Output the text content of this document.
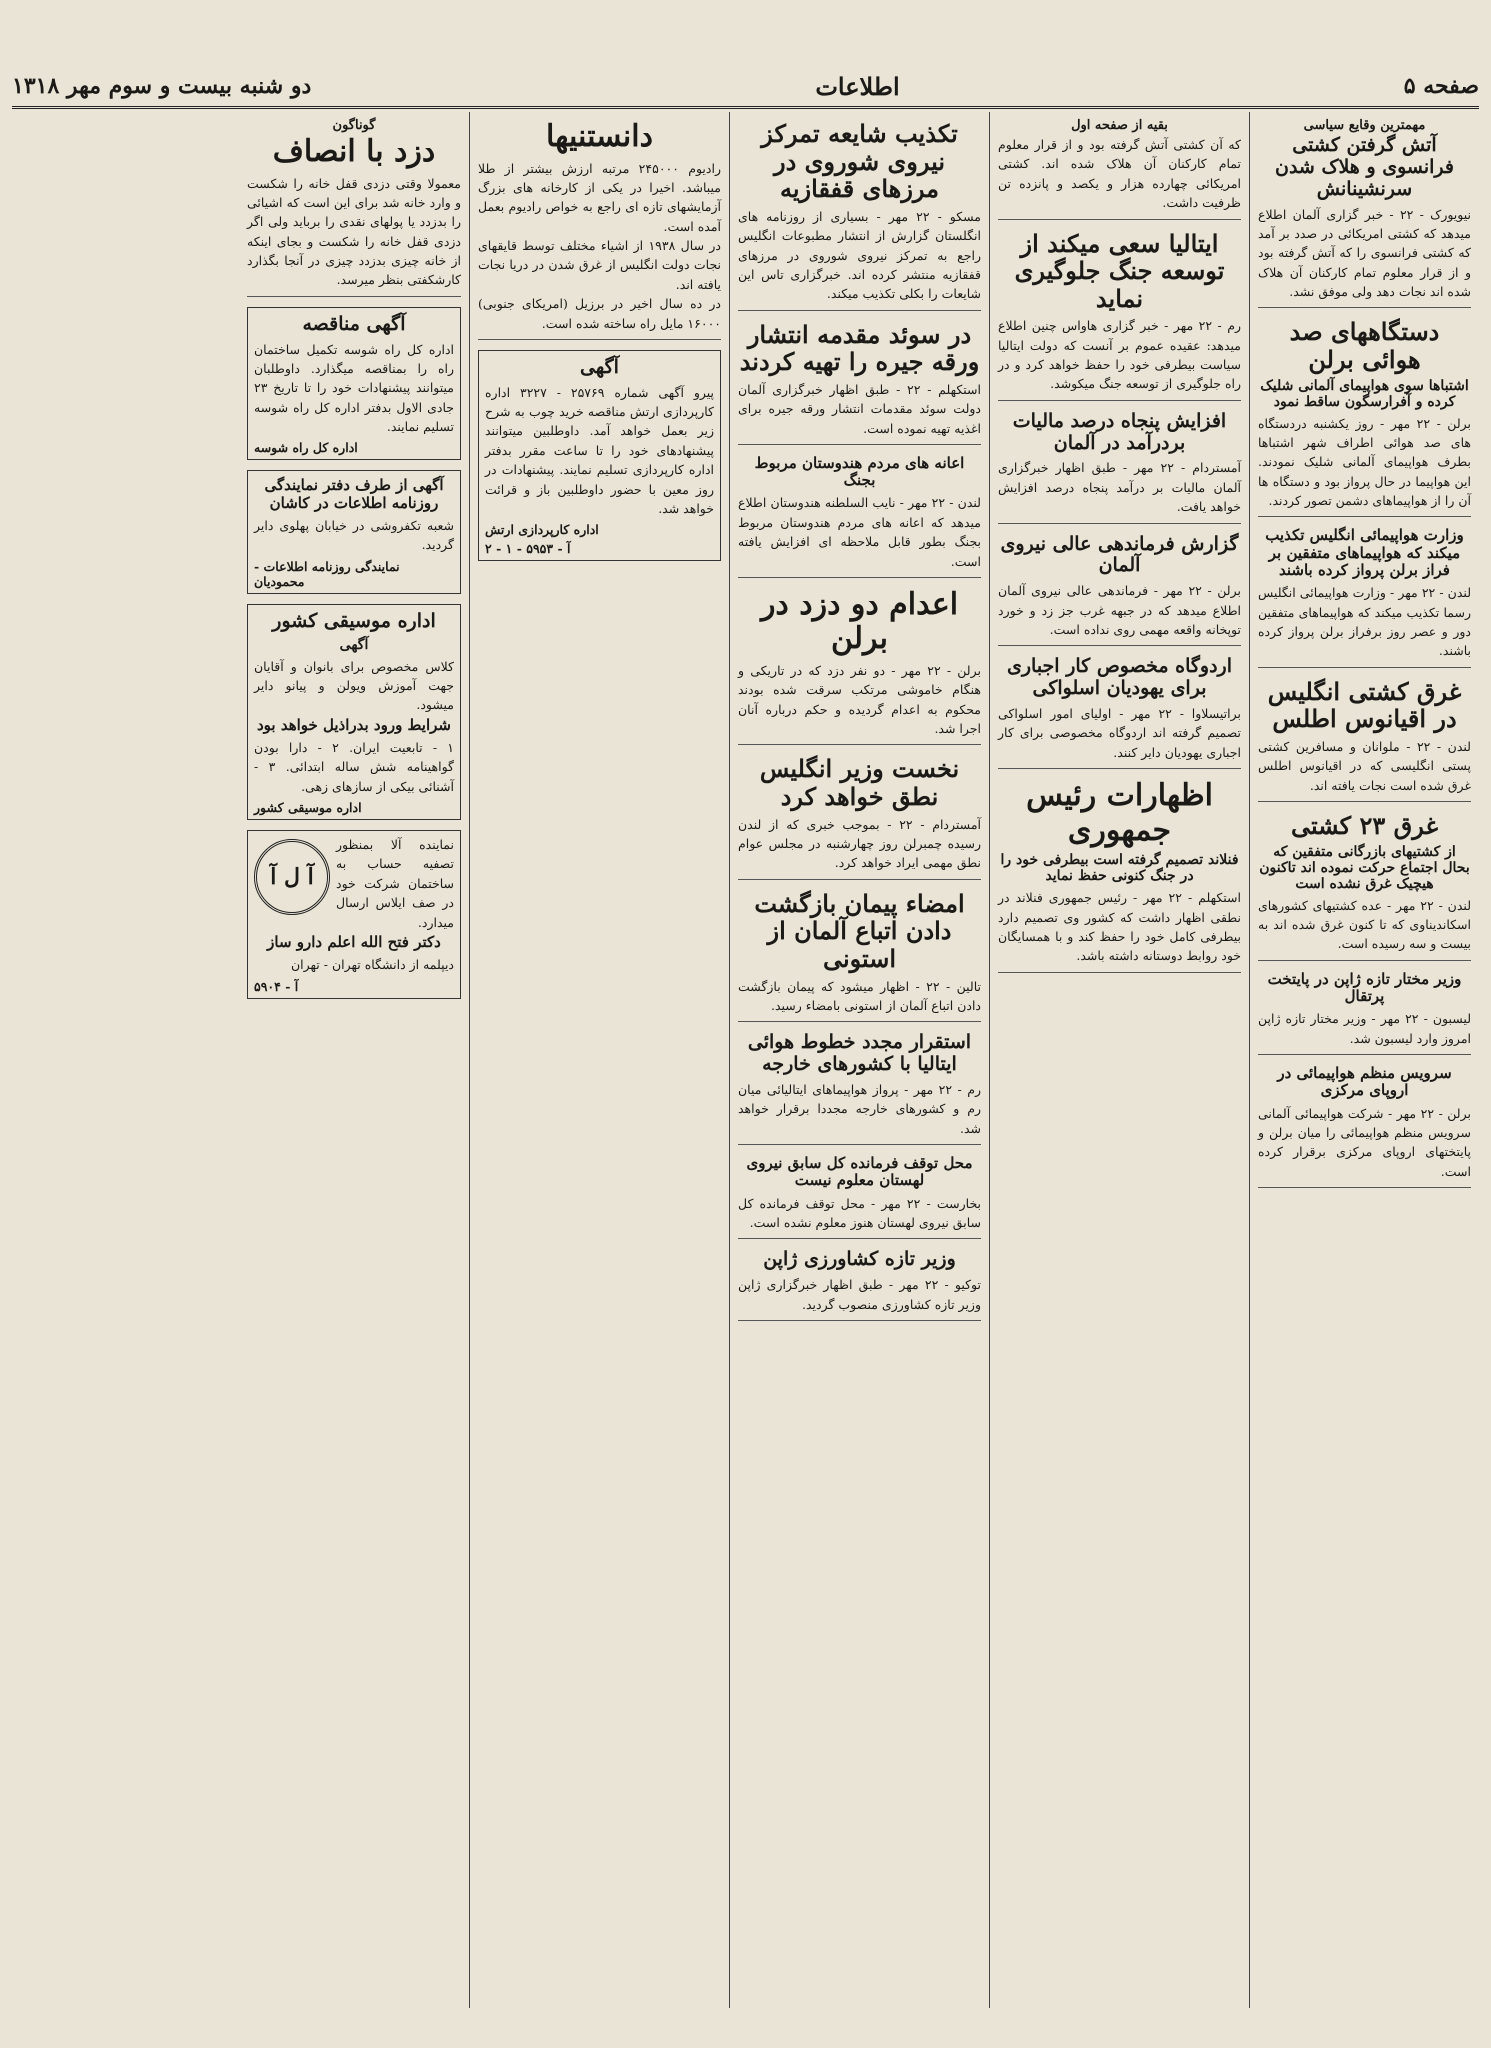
صفحه ۵
اطلاعات
دو شنبه بیست و سوم مهر ۱۳۱۸
مهمترین وقایع سیاسی
آتش گرفتن کشتی فرانسوی و هلاک شدن سرنشینانش

نیویورک - ۲۲ - خبر گزاری آلمان اطلاع میدهد که کشتی امریکائی در صدد بر آمد که کشتی فرانسوی را که آتش گرفته بود و از قرار معلوم تمام کارکنان آن هلاک شده اند نجات دهد ولی موفق نشد.

دستگاههای صد هوائی برلن
اشتباها سوی هواپیمای آلمانی شلیک کرده و آفرارسگون ساقط نمود

برلن - ۲۲ مهر - روز یکشنبه دردستگاه های صد هوائی اطراف شهر اشتباها بطرف هواپیمای آلمانی شلیک نمودند. این هواپیما در حال پرواز بود و دستگاه ها آن را از هواپیماهای دشمن تصور کردند.

وزارت هواپیمائی انگلیس تکذیب میکند که هواپیماهای متفقین بر فراز برلن پرواز کرده باشند

لندن - ۲۲ مهر - وزارت هواپیمائی انگلیس رسما تکذیب میکند که هواپیماهای متفقین دور و عصر روز برفراز برلن پرواز کرده باشند.

غرق کشتی انگلیس در اقیانوس اطلس

لندن - ۲۲ - ملوانان و مسافرین کشتی پستی انگلیسی که در اقیانوس اطلس غرق شده است نجات یافته اند.

غرق ۲۳ کشتی
از کشتیهای بازرگانی متفقین که بحال اجتماع حرکت نموده اند تاکنون هیچیک غرق نشده است

لندن - ۲۲ مهر - عده کشتیهای کشورهای اسکاندیناوی که تا کنون غرق شده اند به بیست و سه رسیده است.

وزیر مختار تازه ژاپن در پایتخت پرتقال

لیسبون - ۲۲ مهر - وزیر مختار تازه ژاپن امروز وارد لیسبون شد.

سرویس منظم هواپیمائی در اروپای مرکزی

برلن - ۲۲ مهر - شرکت هواپیمائی آلمانی سرویس منظم هواپیمائی را میان برلن و پایتختهای اروپای مرکزی برقرار کرده است.

بقیه از صفحه اول

که آن کشتی آتش گرفته بود و از قرار معلوم تمام کارکنان آن هلاک شده اند. کشتی امریکائی چهارده هزار و یکصد و پانزده تن ظرفیت داشت.

ایتالیا سعی میکند از توسعه جنگ جلوگیری نماید

رم - ۲۲ مهر - خبر گزاری هاواس چنین اطلاع میدهد: عقیده عموم بر آنست که دولت ایتالیا سیاست بیطرفی خود را حفظ خواهد کرد و در راه جلوگیری از توسعه جنگ میکوشد.

افزایش پنجاه درصد مالیات بردرآمد در آلمان

آمستردام - ۲۲ مهر - طبق اظهار خبرگزاری آلمان مالیات بر درآمد پنجاه درصد افزایش خواهد یافت.

گزارش فرماندهی عالی نیروی آلمان

برلن - ۲۲ مهر - فرماندهی عالی نیروی آلمان اطلاع میدهد که در جبهه غرب جز زد و خورد توپخانه واقعه مهمی روی نداده است.

اردوگاه مخصوص کار اجباری برای یهودیان اسلواکی

براتیسلاوا - ۲۲ مهر - اولیای امور اسلواکی تصمیم گرفته اند اردوگاه مخصوصی برای کار اجباری یهودیان دایر کنند.

اظهارات رئیس جمهوری
فنلاند تصمیم گرفته است بیطرفی خود را در جنگ کنونی حفظ نماید

استکهلم - ۲۲ مهر - رئیس جمهوری فنلاند در نطقی اظهار داشت که کشور وی تصمیم دارد بیطرفی کامل خود را حفظ کند و با همسایگان خود روابط دوستانه داشته باشد.

تکذیب شایعه تمرکز نیروی شوروی در مرزهای قفقازیه

مسکو - ۲۲ مهر - بسیاری از روزنامه های انگلستان گزارش از انتشار مطبوعات انگلیس راجع به تمرکز نیروی شوروی در مرزهای قفقازیه منتشر کرده اند. خبرگزاری تاس این شایعات را بکلی تکذیب میکند.

در سوئد مقدمه انتشار ورقه جیره را تهیه کردند

استکهلم - ۲۲ - طبق اظهار خبرگزاری آلمان دولت سوئد مقدمات انتشار ورقه جیره برای اغذیه تهیه نموده است.

اعانه های مردم هندوستان مربوط بجنگ

لندن - ۲۲ مهر - نایب السلطنه هندوستان اطلاع میدهد که اعانه های مردم هندوستان مربوط بجنگ بطور قابل ملاحظه ای افزایش یافته است.

اعدام دو دزد در برلن

برلن - ۲۲ مهر - دو نفر دزد که در تاریکی و هنگام خاموشی مرتکب سرقت شده بودند محکوم به اعدام گردیده و حکم درباره آنان اجرا شد.

نخست وزیر انگلیس نطق خواهد کرد

آمستردام - ۲۲ - بموجب خبری که از لندن رسیده چمبرلن روز چهارشنبه در مجلس عوام نطق مهمی ایراد خواهد کرد.

امضاء پیمان بازگشت دادن اتباع آلمان از استونی

تالین - ۲۲ - اظهار میشود که پیمان بازگشت دادن اتباع آلمان از استونی بامضاء رسید.

استقرار مجدد خطوط هوائی ایتالیا با کشورهای خارجه

رم - ۲۲ مهر - پرواز هواپیماهای ایتالیائی میان رم و کشورهای خارجه مجددا برقرار خواهد شد.

محل توقف فرمانده کل سابق نیروی لهستان معلوم نیست

بخارست - ۲۲ مهر - محل توقف فرمانده کل سابق نیروی لهستان هنوز معلوم نشده است.

وزیر تازه کشاورزی ژاپن

توکیو - ۲۲ مهر - طبق اظهار خبرگزاری ژاپن وزیر تازه کشاورزی منصوب گردید.

دانستنیها

رادیوم ۲۴۵۰۰۰ مرتبه ارزش بیشتر از طلا میباشد. اخیرا در یکی از کارخانه های بزرگ آزمایشهای تازه ای راجع به خواص رادیوم بعمل آمده است.

در سال ۱۹۳۸ از اشیاء مختلف توسط قایقهای نجات دولت انگلیس از غرق شدن در دریا نجات یافته اند.

در ده سال اخیر در برزیل (امریکای جنوبی) ۱۶۰۰۰ مایل راه ساخته شده است.

آگهی

پیرو آگهی شماره ۲۵۷۶۹ - ۳۲۲۷ اداره کارپردازی ارتش مناقصه خرید چوب به شرح زیر بعمل خواهد آمد. داوطلبین میتوانند پیشنهادهای خود را تا ساعت مقرر بدفتر اداره کارپردازی تسلیم نمایند. پیشنهادات در روز معین با حضور داوطلبین باز و قرائت خواهد شد.

اداره کارپردازی ارتش
آ - ۵۹۵۳ - ۱ - ۲
گوناگون
دزد با انصاف

معمولا وقتی دزدی قفل خانه را شکست و وارد خانه شد برای این است که اشیائی را بدزدد یا پولهای نقدی را برباید ولی اگر دزدی قفل خانه را شکست و بجای اینکه از خانه چیزی بدزدد چیزی در آنجا بگذارد کارشکفتی بنظر میرسد.

آگهی مناقصه

اداره کل راه شوسه تکمیل ساختمان راه را بمناقصه میگذارد. داوطلبان میتوانند پیشنهادات خود را تا تاریخ ۲۳ جادی الاول بدفتر اداره کل راه شوسه تسلیم نمایند.

اداره کل راه شوسه
آگهی از طرف دفتر نمایندگی روزنامه اطلاعات در کاشان

شعبه تکفروشی در خیابان پهلوی دایر گردید.

نمایندگی روزنامه اطلاعات - محمودیان
اداره موسیقی کشور
آگهی

کلاس مخصوص برای بانوان و آقایان جهت آموزش ویولن و پیانو دایر میشود.

شرایط ورود بدراذیل خواهد بود

۱ - تابعیت ایران. ۲ - دارا بودن گواهینامه شش ساله ابتدائی. ۳ - آشنائی بیکی از سازهای زهی.

اداره موسیقی کشور
آ ل آ

نماینده آلا بمنظور تصفیه حساب به ساختمان شرکت خود در صف ایلاس ارسال میدارد.

دکتر فتح الله اعلم دارو ساز

دیپلمه از دانشگاه تهران - تهران

آ - ۵۹۰۴
